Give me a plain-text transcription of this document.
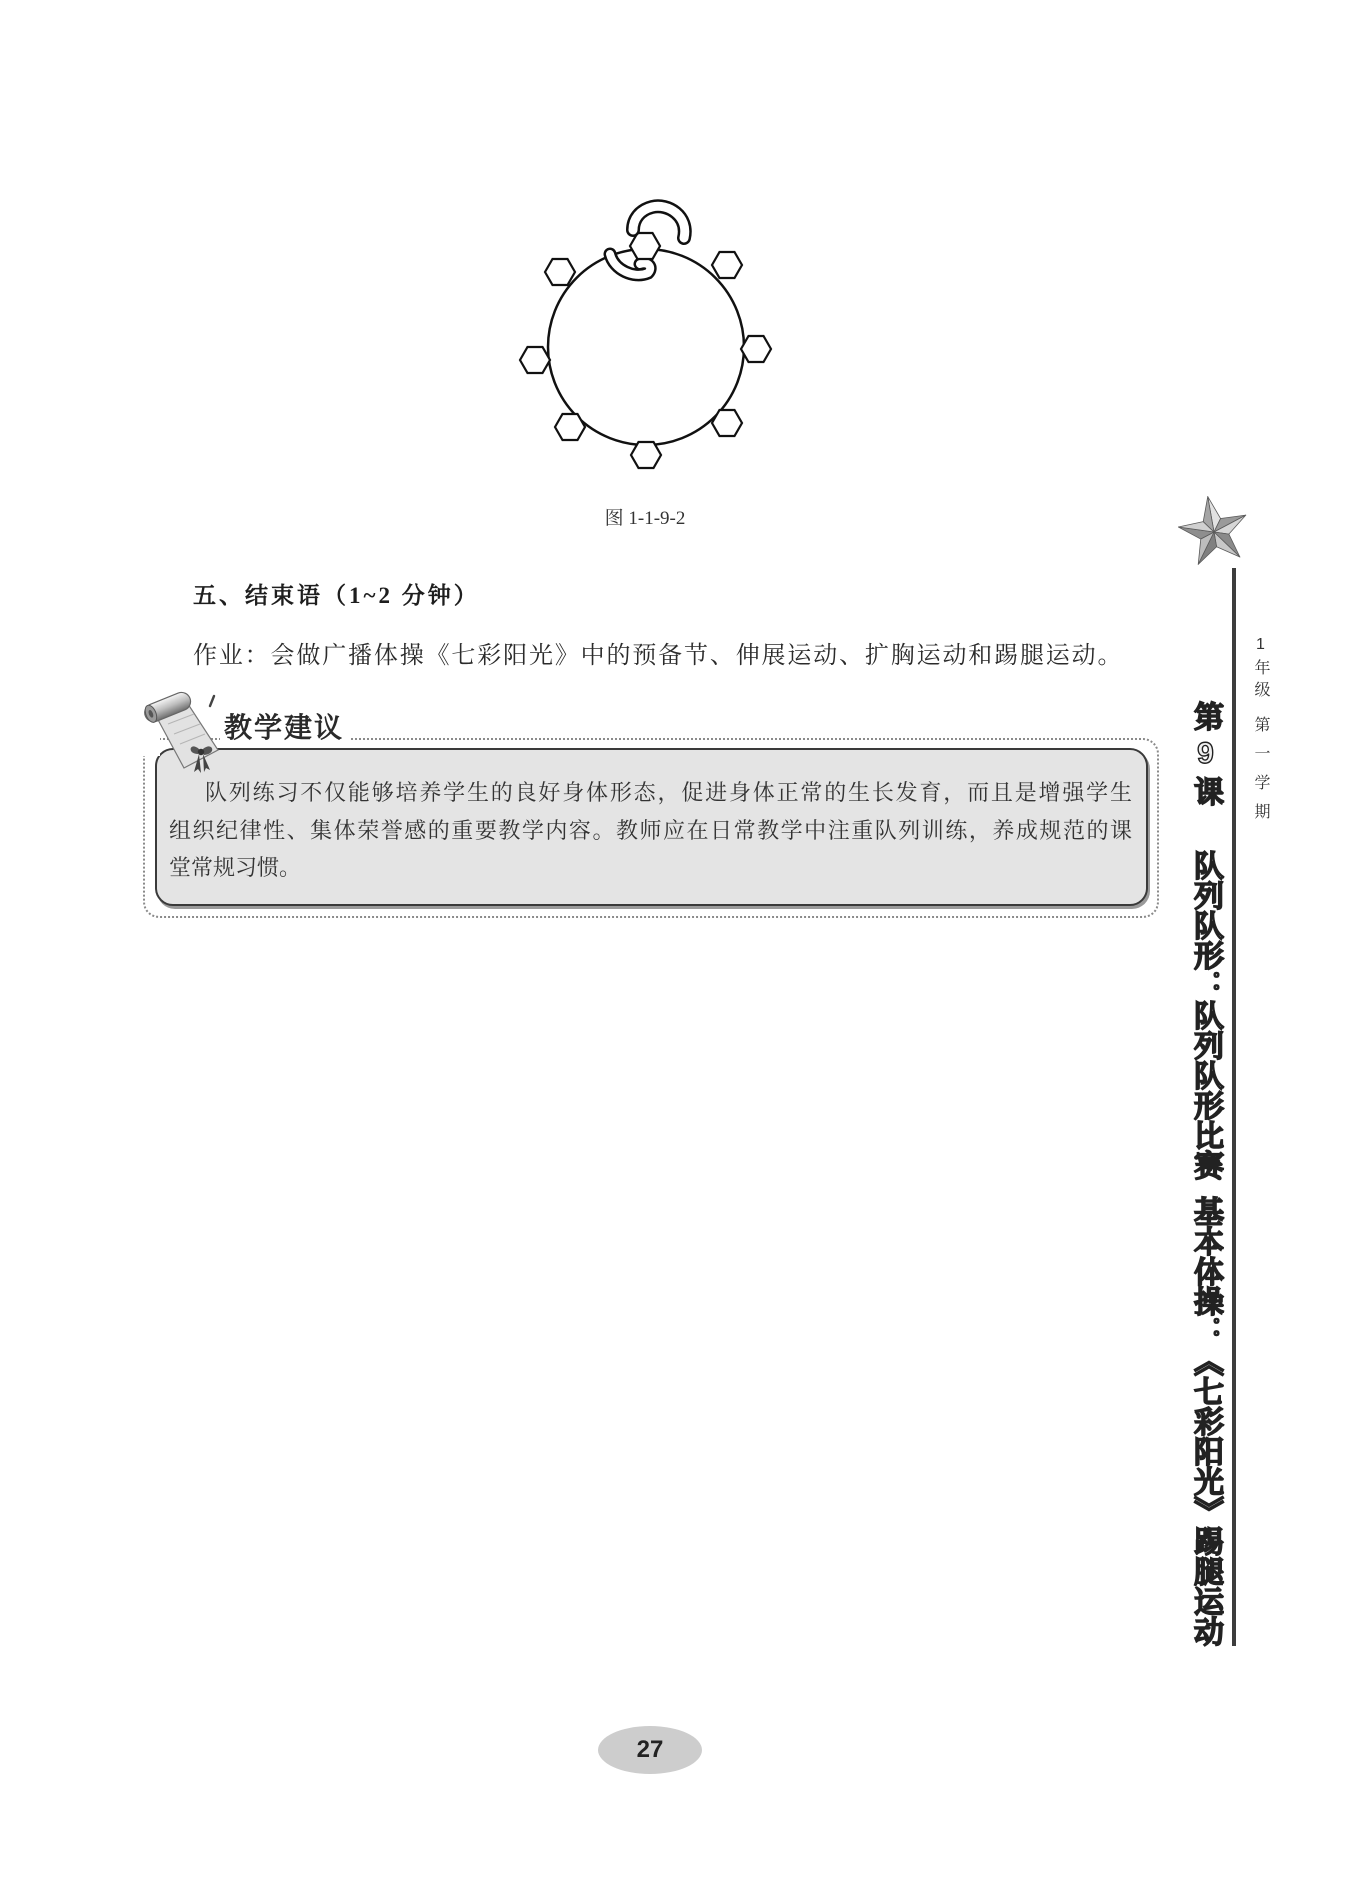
图 1-1-9-2
五、结束语（1~2 分钟）
作业：会做广播体操《七彩阳光》中的预备节、伸展运动、扩胸运动和踢腿运动。
教学建议
队列练习不仅能够培养学生的良好身体形态，促进身体正常的生长发育，而且是增强学生
组织纪律性、集体荣誉感的重要教学内容。教师应在日常教学中注重队列训练，养成规范的课
堂常规习惯。
1年级
第一学期
第9课
队列队形：队列队形比赛
基本体操：《七彩阳光》踢腿运动
27
